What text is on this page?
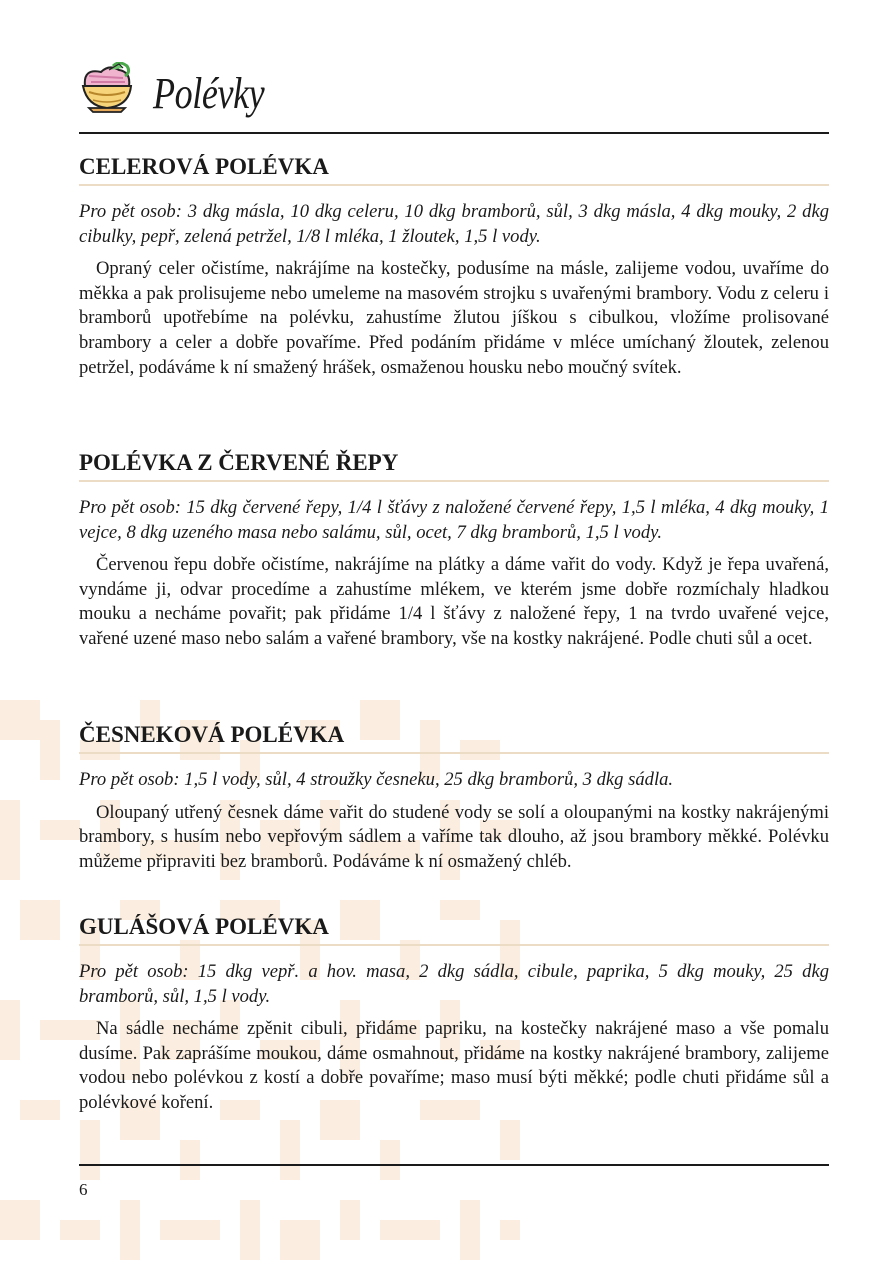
Polévky
CELEROVÁ POLÉVKA

Pro pět osob: 3 dkg másla, 10 dkg celeru, 10 dkg bramborů, sůl, 3 dkg másla, 4 dkg mouky, 2 dkg cibulky, pepř, zelená petržel, 1/8 l mléka, 1 žloutek, 1,5 l vody.

Opraný celer očistíme, nakrájíme na kostečky, podusíme na másle, zalijeme vodou, uvaříme do měkka a pak prolisujeme nebo umeleme na masovém strojku s uvařenými brambory. Vodu z celeru i bramborů upotřebíme na polévku, zahustíme žlutou jíškou s cibulkou, vložíme prolisované brambory a celer a dobře povaříme. Před podáním přidáme v mléce umíchaný žloutek, zelenou petržel, podáváme k ní smažený hrášek, osmaženou housku nebo moučný svítek.

POLÉVKA Z ČERVENÉ ŘEPY

Pro pět osob: 15 dkg červené řepy, 1/4 l šťávy z naložené červené řepy, 1,5 l mléka, 4 dkg mouky, 1 vejce, 8 dkg uzeného masa nebo salámu, sůl, ocet, 7 dkg bramborů, 1,5 l vody.

Červenou řepu dobře očistíme, nakrájíme na plátky a dáme vařit do vody. Když je řepa uvařená, vyndáme ji, odvar procedíme a zahustíme mlékem, ve kterém jsme dobře rozmíchaly hladkou mouku a necháme povařit; pak přidáme 1/4 l šťávy z naložené řepy, 1 na tvrdo uvařené vejce, vařené uzené maso nebo salám a vařené brambory, vše na kostky nakrájené. Podle chuti sůl a ocet.

ČESNEKOVÁ POLÉVKA

Pro pět osob: 1,5 l vody, sůl, 4 stroužky česneku, 25 dkg bramborů, 3 dkg sádla.

Oloupaný utřený česnek dáme vařit do studené vody se solí a oloupanými na kostky nakrájenými brambory, s husím nebo vepřovým sádlem a vaříme tak dlouho, až jsou brambory měkké. Polévku můžeme připraviti bez bramborů. Podáváme k ní osmažený chléb.

GULÁŠOVÁ POLÉVKA

Pro pět osob: 15 dkg vepř. a hov. masa, 2 dkg sádla, cibule, paprika, 5 dkg mouky, 25 dkg bramborů, sůl, 1,5 l vody.

Na sádle necháme zpěnit cibuli, přidáme papriku, na kostečky nakrájené maso a vše pomalu dusíme. Pak zaprášíme moukou, dáme osmahnout, přidáme na kostky nakrájené brambory, zalijeme vodou nebo polévkou z kostí a dobře povaříme; maso musí býti měkké; podle chuti přidáme sůl a polévkové koření.

6
